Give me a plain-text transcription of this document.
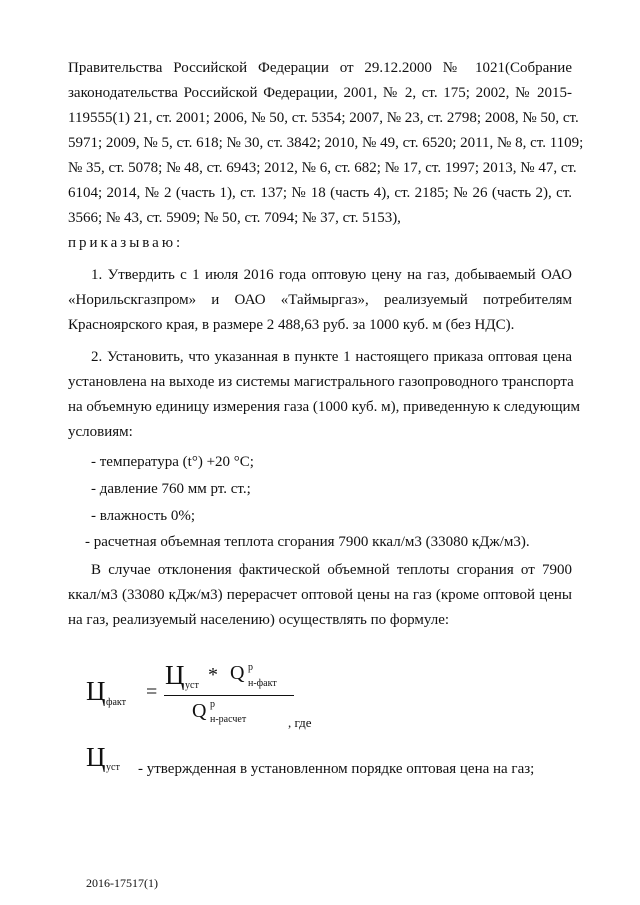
Правительства Российской Федерации от 29.12.2000 № 1021(Собрание
законодательства Российской Федерации, 2001, № 2, ст. 175; 2002, № 2015-
119555(1) 21, ст. 2001; 2006, № 50, ст. 5354; 2007, № 23, ст. 2798; 2008, № 50, ст.
5971; 2009, № 5, ст. 618; № 30, ст. 3842; 2010, № 49, ст. 6520; 2011, № 8, ст. 1109;
№ 35, ст. 5078; № 48, ст. 6943; 2012, № 6, ст. 682; № 17, ст. 1997; 2013, № 47, ст.
6104; 2014, № 2 (часть 1), ст. 137; № 18 (часть 4), ст. 2185; № 26 (часть 2), ст.
3566; № 43, ст. 5909; № 50, ст. 7094; № 37, ст. 5153),
приказываю:
1. Утвердить с 1 июля 2016 года оптовую цену на газ, добываемый ОАО
«Норильскгазпром» и ОАО «Таймыргаз», реализуемый потребителям
Красноярского края, в размере 2 488,63 руб. за 1000 куб. м (без НДС).
2. Установить, что указанная в пункте 1 настоящего приказа оптовая цена
установлена на выходе из системы магистрального газопроводного транспорта
на объемную единицу измерения газа (1000 куб. м), приведенную к следующим
условиям:
- температура (t°) +20 °С;
- давление 760 мм рт. ст.;
- влажность 0%;
- расчетная объемная теплота сгорания 7900 ккал/м3 (33080 кДж/м3).
В случае отклонения фактической объемной теплоты сгорания от 7900
ккал/м3 (33080 кДж/м3) перерасчет оптовой цены на газ (кроме оптовой цены
на газ, реализуемый населению) осуществлять по формуле:
Ц факт =
Ц уст * Q р
н-факт
Q р
н-расчет	, где
Ц уст - утвержденная в установленном порядке оптовая цена на газ;
2016-17517(1)
